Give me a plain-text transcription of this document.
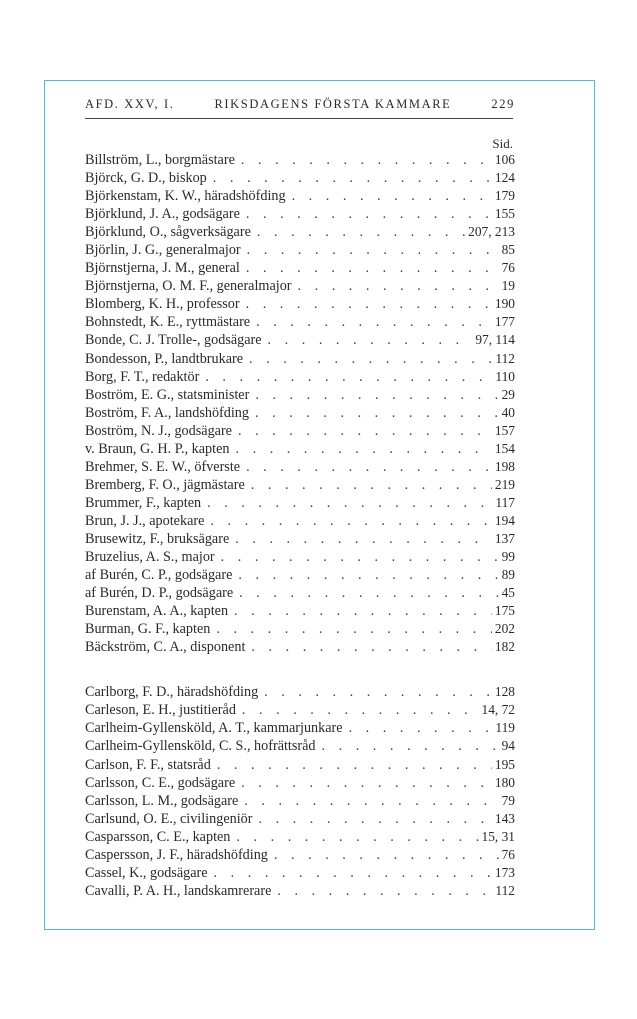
AFD. XXV, I.	RIKSDAGENS FÖRSTA KAMMARE	229
Sid.
Billström, L., borgmästare . . .	106
Björck, G. D., biskop . . .	124
Björkenstam, K. W., häradshöfding . . .	179
Björklund, J. A., godsägare . . .	155
Björklund, O., sågverksägare . . .	207, 213
Björlin, J. G., generalmajor . . .	85
Björnstjerna, J. M., general . . .	76
Björnstjerna, O. M. F., generalmajor . . .	19
Blomberg, K. H., professor . . .	190
Bohnstedt, K. E., ryttmästare . . .	177
Bonde, C. J. Trolle-, godsägare . . .	97, 114
Bondesson, P., landtbrukare . . .	112
Borg, F. T., redaktör . . .	110
Boström, E. G., statsminister . . .	29
Boström, F. A., landshöfding . . .	40
Boström, N. J., godsägare . . .	157
v. Braun, G. H. P., kapten . . .	154
Brehmer, S. E. W., öfverste . . .	198
Bremberg, F. O., jägmästare . . .	219
Brummer, F., kapten . . .	117
Brun, J. J., apotekare . . .	194
Brusewitz, F., bruksägare . . .	137
Bruzelius, A. S., major . . .	99
af Burén, C. P., godsägare . . .	89
af Burén, D. P., godsägare . . .	45
Burenstam, A. A., kapten . . .	175
Burman, G. F., kapten . . .	202
Bäckström, C. A., disponent . . .	182
Carlborg, F. D., häradshöfding . . .	128
Carleson, E. H., justitieråd . . .	14, 72
Carlheim-Gyllensköld, A. T., kammarjunkare . . .	119
Carlheim-Gyllensköld, C. S., hofrättsråd . . .	94
Carlson, F. F., statsråd . . .	195
Carlsson, C. E., godsägare . . .	180
Carlsson, L. M., godsägare . . .	79
Carlsund, O. E., civilingeniör . . .	143
Casparsson, C. E., kapten . . .	15, 31
Caspersson, J. F., häradshöfding . . .	76
Cassel, K., godsägare . . .	173
Cavalli, P. A. H., landskamrerare . . .	112
